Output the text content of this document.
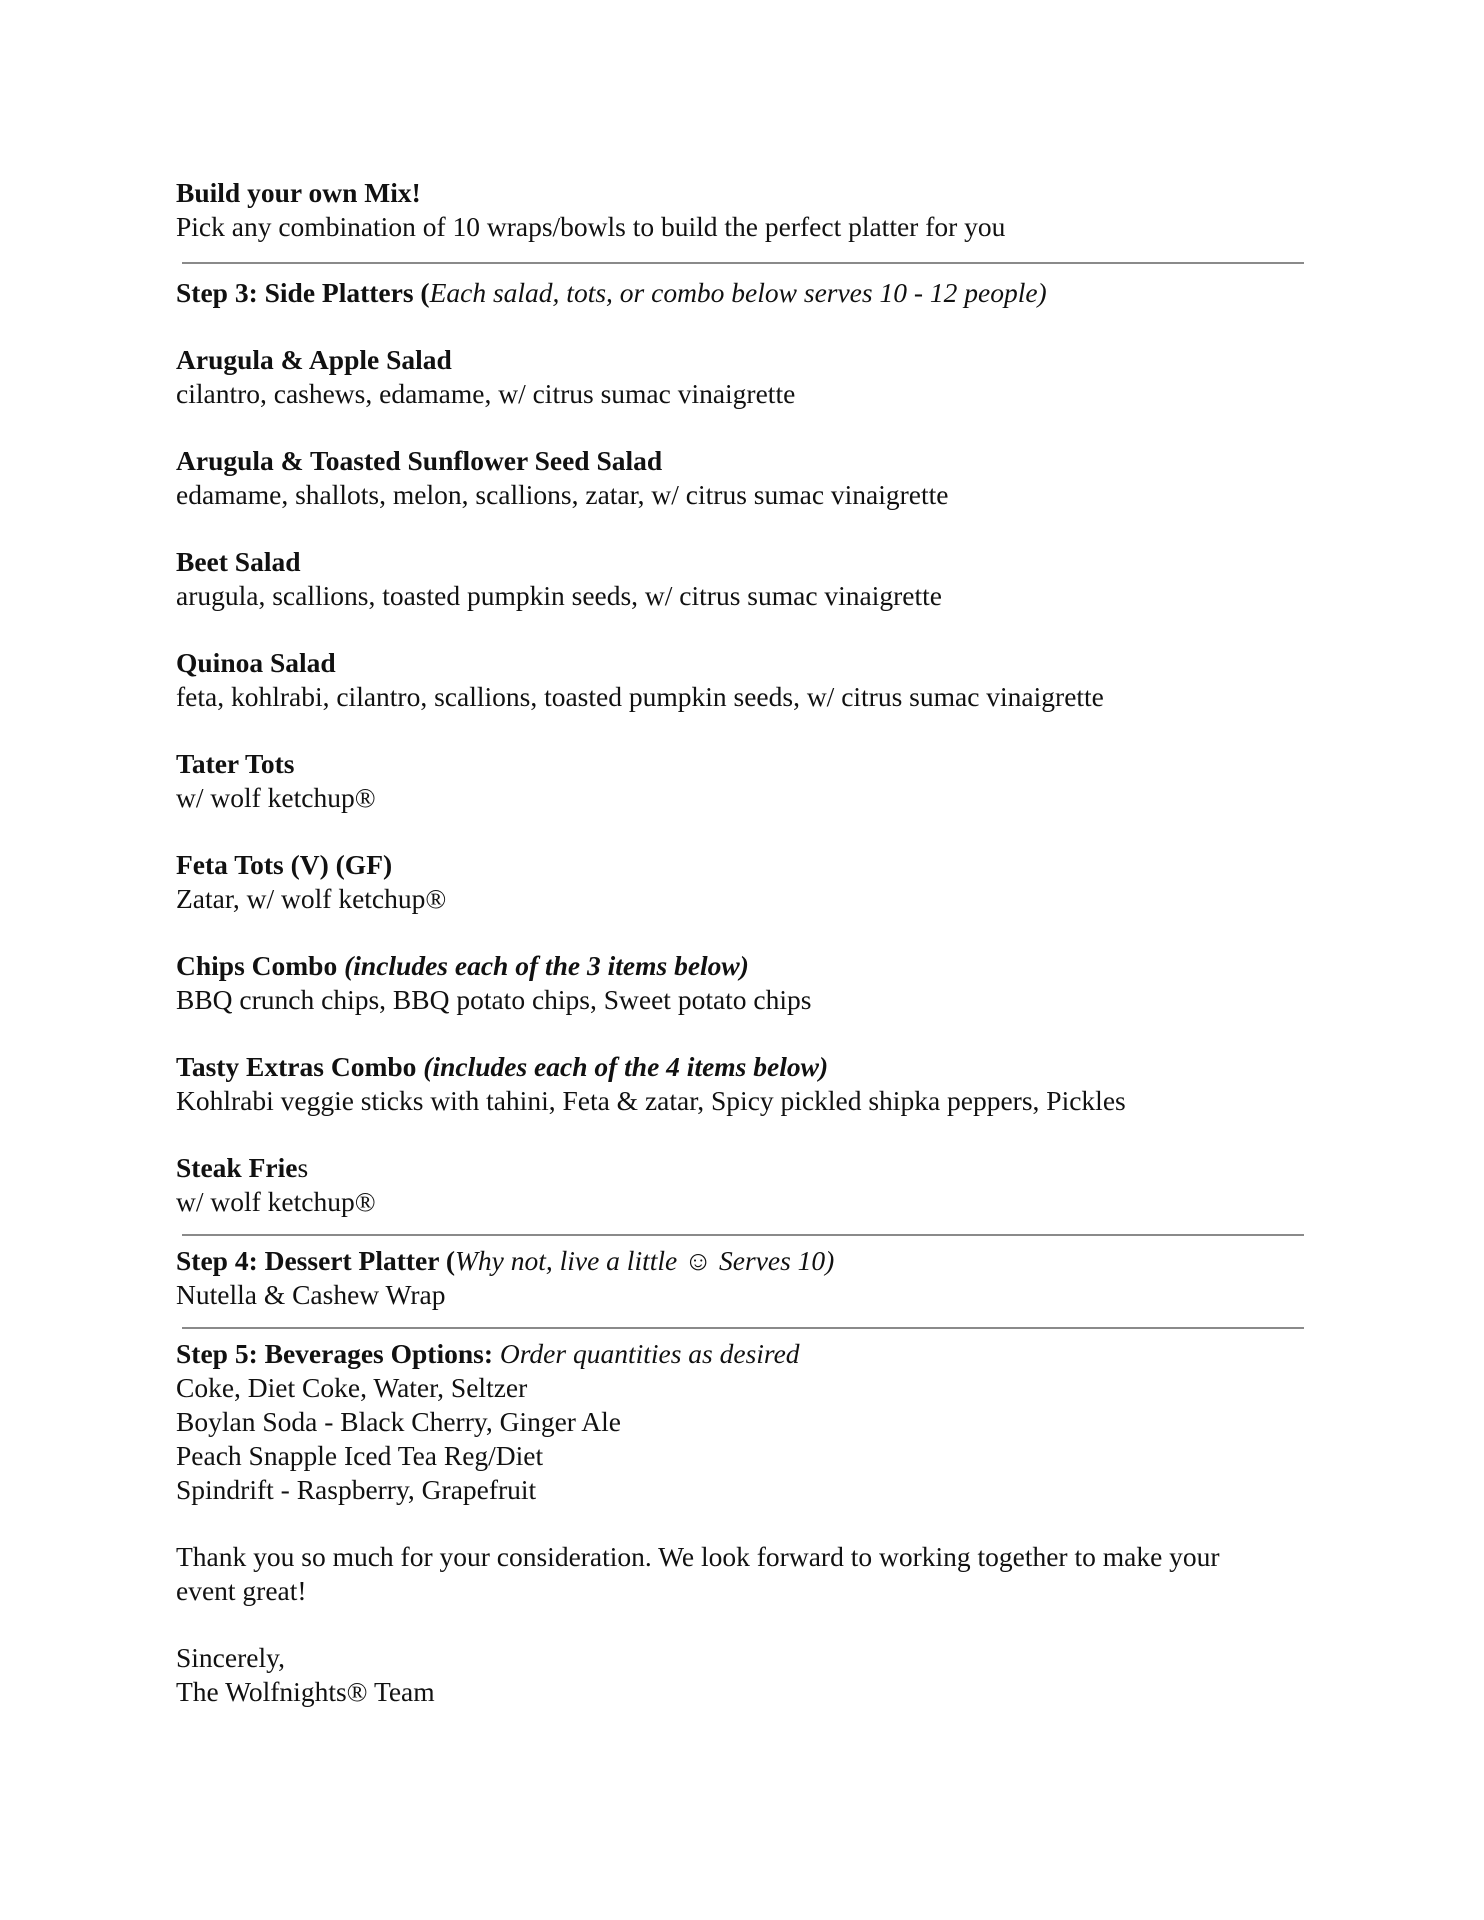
Build your own Mix!
Pick any combination of 10 wraps/bowls to build the perfect platter for you
Step 3: Side Platters (Each salad, tots, or combo below serves 10 - 12 people)
Arugula & Apple Salad
cilantro, cashews, edamame, w/ citrus sumac vinaigrette
Arugula & Toasted Sunflower Seed Salad
edamame, shallots, melon, scallions, zatar, w/ citrus sumac vinaigrette
Beet Salad
arugula, scallions, toasted pumpkin seeds, w/ citrus sumac vinaigrette
Quinoa Salad
feta, kohlrabi, cilantro, scallions, toasted pumpkin seeds, w/ citrus sumac vinaigrette
Tater Tots
w/ wolf ketchup®
Feta Tots (V) (GF)
Zatar, w/ wolf ketchup®
Chips Combo (includes each of the 3 items below)
BBQ crunch chips, BBQ potato chips, Sweet potato chips
Tasty Extras Combo (includes each of the 4 items below)
Kohlrabi veggie sticks with tahini, Feta & zatar, Spicy pickled shipka peppers, Pickles
Steak Fries
w/ wolf ketchup®
Step 4: Dessert Platter (Why not, live a little ☺ Serves 10)
Nutella & Cashew Wrap
Step 5: Beverages Options: Order quantities as desired
Coke, Diet Coke, Water, Seltzer
Boylan Soda - Black Cherry, Ginger Ale
Peach Snapple Iced Tea Reg/Diet
Spindrift - Raspberry, Grapefruit
Thank you so much for your consideration. We look forward to working together to make your
event great!
Sincerely,
The Wolfnights® Team
